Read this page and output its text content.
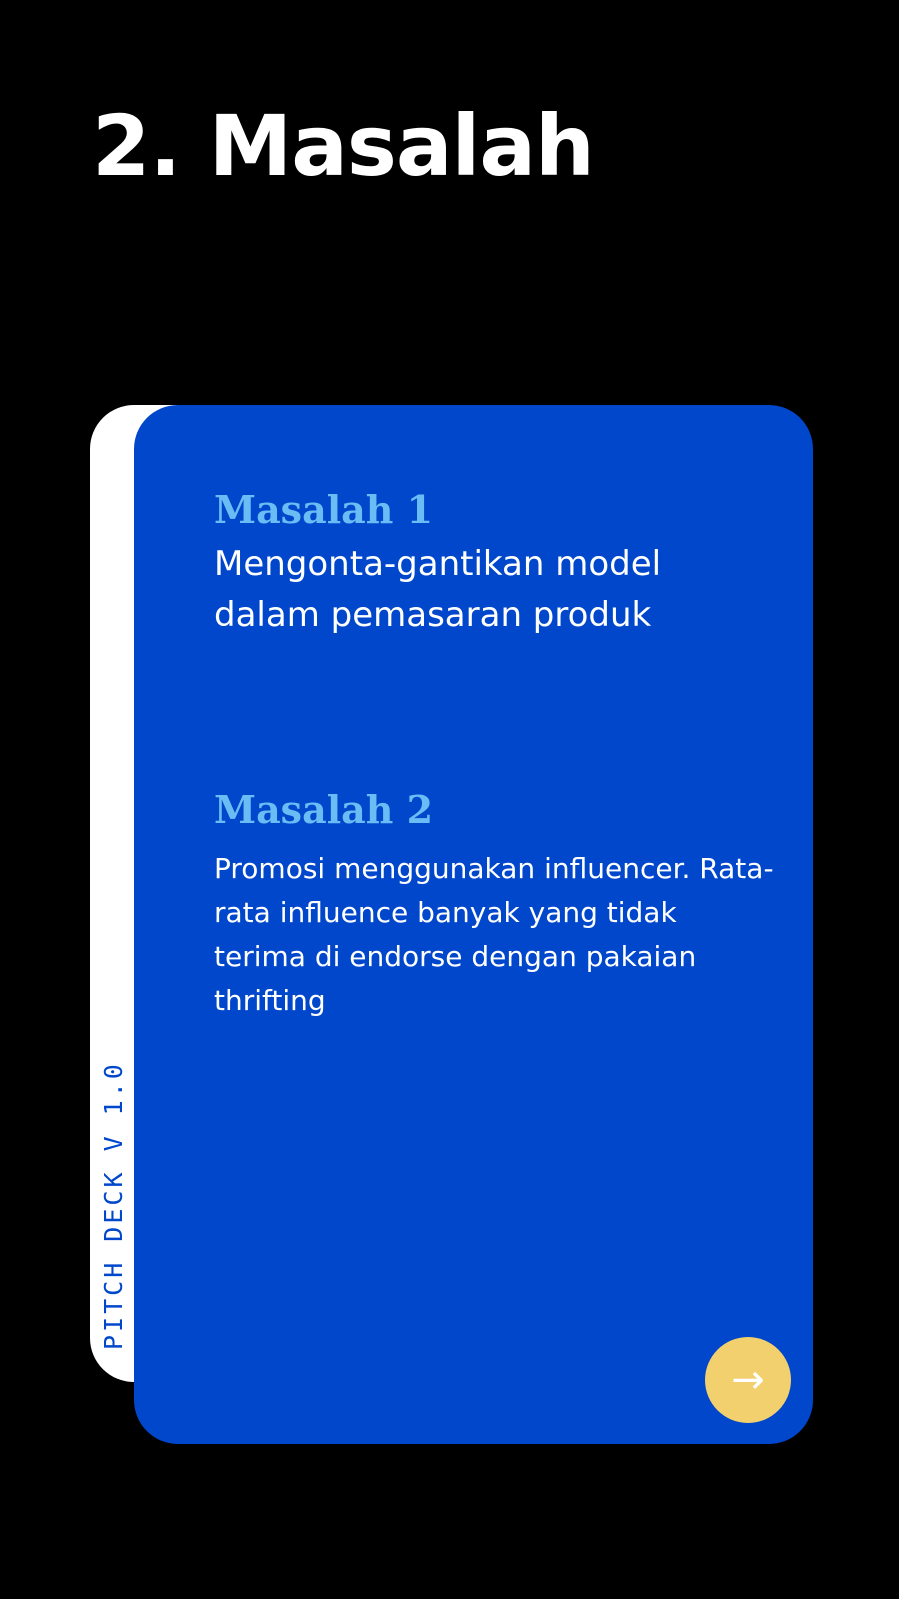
2. Masalah
PITCH DECK V 1.0
Masalah 1

Mengonta-gantikan model dalam pemasaran produk

Masalah 2

Promosi menggunakan influencer. Rata-rata influence banyak yang tidak terima di endorse dengan pakaian thrifting

→
